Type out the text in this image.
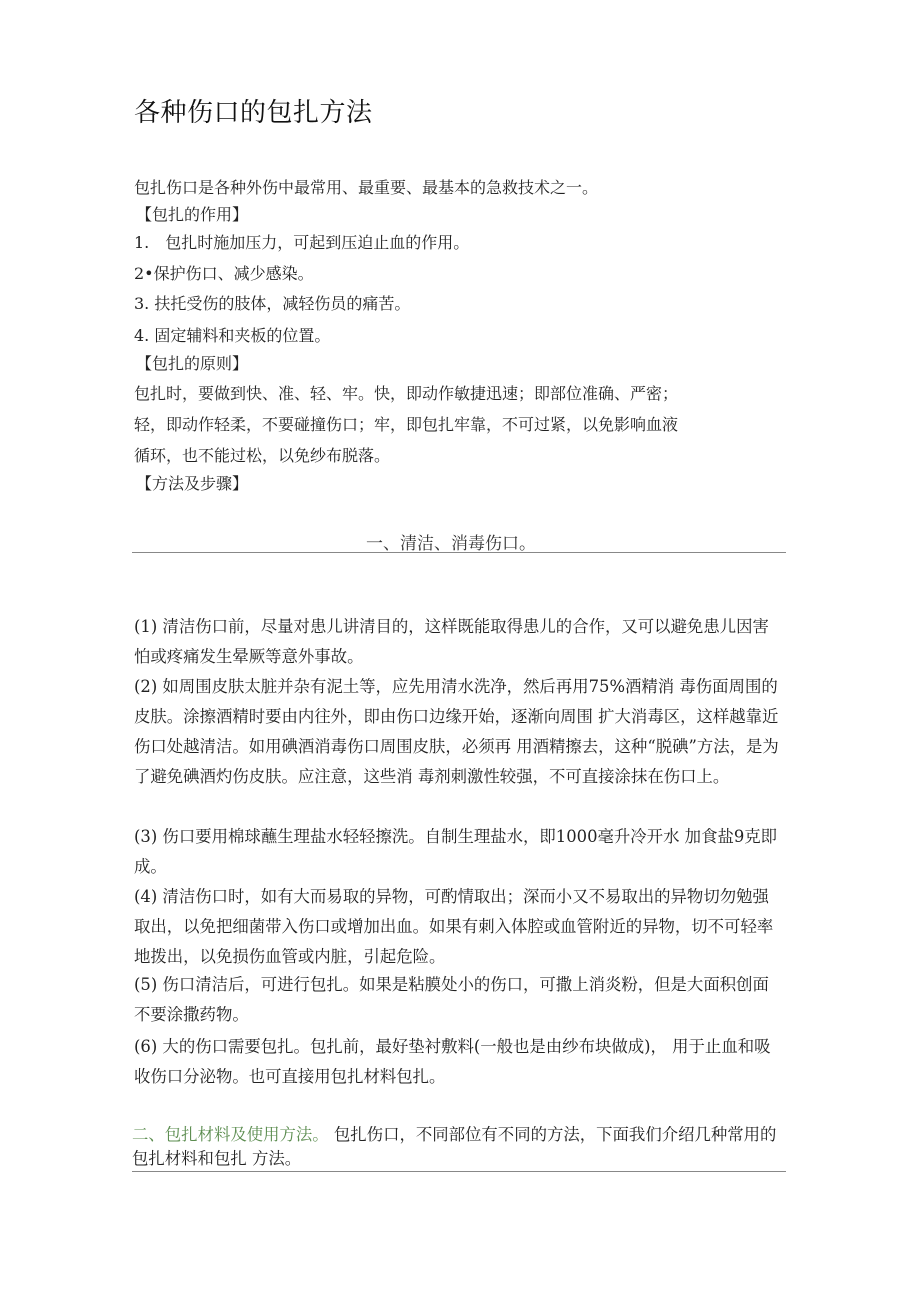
各种伤口的包扎方法
包扎伤口是各种外伤中最常用、最重要、最基本的急救技术之一。
【包扎的作用】
1.　包扎时施加压力，可起到压迫止血的作用。
2•保护伤口、减少感染。
3. 扶托受伤的肢体，减轻伤员的痛苦。
4. 固定辅料和夹板的位置。
【包扎的原则】
包扎时，要做到快、准、轻、牢。快，即动作敏捷迅速；即部位准确、严密；
轻，即动作轻柔，不要碰撞伤口；牢，即包扎牢靠，不可过紧，以免影响血液
循环，也不能过松，以免纱布脱落。
【方法及步骤】
一、清洁、消毒伤口。

(1) 清洁伤口前，尽量对患儿讲清目的，这样既能取得患儿的合作，又可以避免患儿因害怕或疼痛发生晕厥等意外事故。

(2) 如周围皮肤太脏并杂有泥土等，应先用清水洗净，然后再用75%酒精消 毒伤面周围的皮肤。涂擦酒精时要由内往外，即由伤口边缘开始，逐渐向周围 扩大消毒区，这样越靠近伤口处越清洁。如用碘酒消毒伤口周围皮肤，必须再 用酒精擦去，这种“脱碘”方法，是为了避免碘酒灼伤皮肤。应注意，这些消 毒剂刺激性较强，不可直接涂抹在伤口上。

(3) 伤口要用棉球蘸生理盐水轻轻擦洗。自制生理盐水，即1000毫升冷开水 加食盐9克即成。

(4) 清洁伤口时，如有大而易取的异物，可酌情取出；深而小又不易取出的异物切勿勉强取出，以免把细菌带入伤口或增加出血。如果有刺入体腔或血管附近的异物，切不可轻率地拨出，以免损伤血管或内脏，引起危险。

(5) 伤口清洁后，可进行包扎。如果是粘膜处小的伤口，可撒上消炎粉，但是大面积创面不要涂撒药物。

(6) 大的伤口需要包扎。包扎前，最好垫衬敷料(一般也是由纱布块做成)， 用于止血和吸收伤口分泌物。也可直接用包扎材料包扎。

二、包扎材料及使用方法。 包扎伤口，不同部位有不同的方法，下面我们介绍几种常用的包扎材料和包扎 方法。
